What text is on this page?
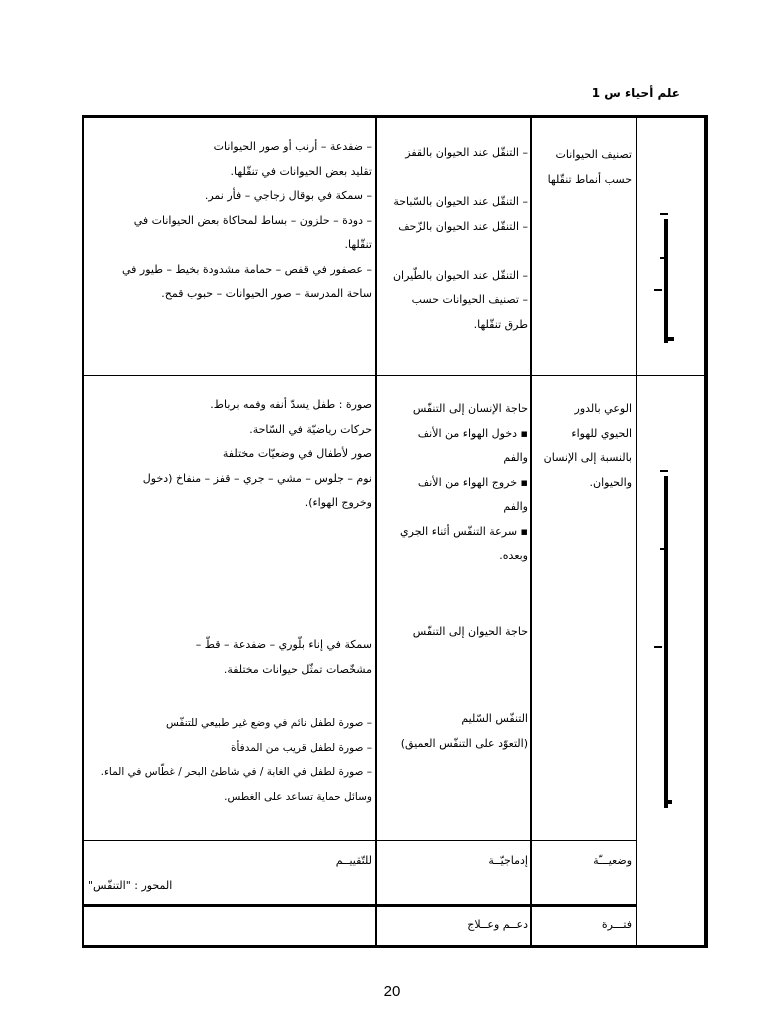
علم أحياء س 1

تصنيف الحيوانات

حسب أنماط تنقّلها

– التنقّل عند الحيوان بالقفز

– التنقّل عند الحيوان بالسّباحة

– التنقّل عند الحيوان بالزّحف

– التنقّل عند الحيوان بالطّيران

– تصنيف الحيوانات حسب

طرق تنقّلها.

– ضفدعة – أرنب أو صور الحيوانات

تقليد بعض الحيوانات في تنقّلها.

– سمكة في بوقال زجاجي – فأر نمر.

– دودة – حلزون – بساط لمحاكاة بعض الحيوانات في

تنقّلها.

– عصفور في قفص – حمامة مشدودة بخيط – طيور في

ساحة المدرسة – صور الحيوانات – حبوب قمح.

الوعي بالدور

الحيوي للهواء

بالنسبة إلى الإنسان

والحيوان.

حاجة الإنسان إلى التنفّس

▪ دخول الهواء من الأنف

والفم

▪ خروج الهواء من الأنف

والفم

▪ سرعة التنفّس أثناء الجري

وبعده.

حاجة الحيوان إلى التنفّس

التنفّس السّليم

(التعوّد على التنفّس العميق)

صورة : طفل يسدّ أنفه وفمه برباط.

حركات رياضيّة في السّاحة.

صور لأطفال في وضعيّات مختلفة

نوم – جلوس – مشي – جري – قفز – منفاخ (دخول

وخروج الهواء).

سمكة في إناء بلّوري – ضفدعة – قطّ –

مشخّصات تمثّل حيوانات مختلفة.

– صورة لطفل نائم في وضع غير طبيعي للتنفّس

– صورة لطفل قريب من المدفأة

– صورة لطفل في الغابة / في شاطئ البحر / غطّاس في الماء.

وسائل حماية تساعد على الغطس.

وضعيـــّة

إدماجيّــة

للتّقييــم

المحور : "التنفّس"

فتـــرة

دعــم وعــلاج

20
